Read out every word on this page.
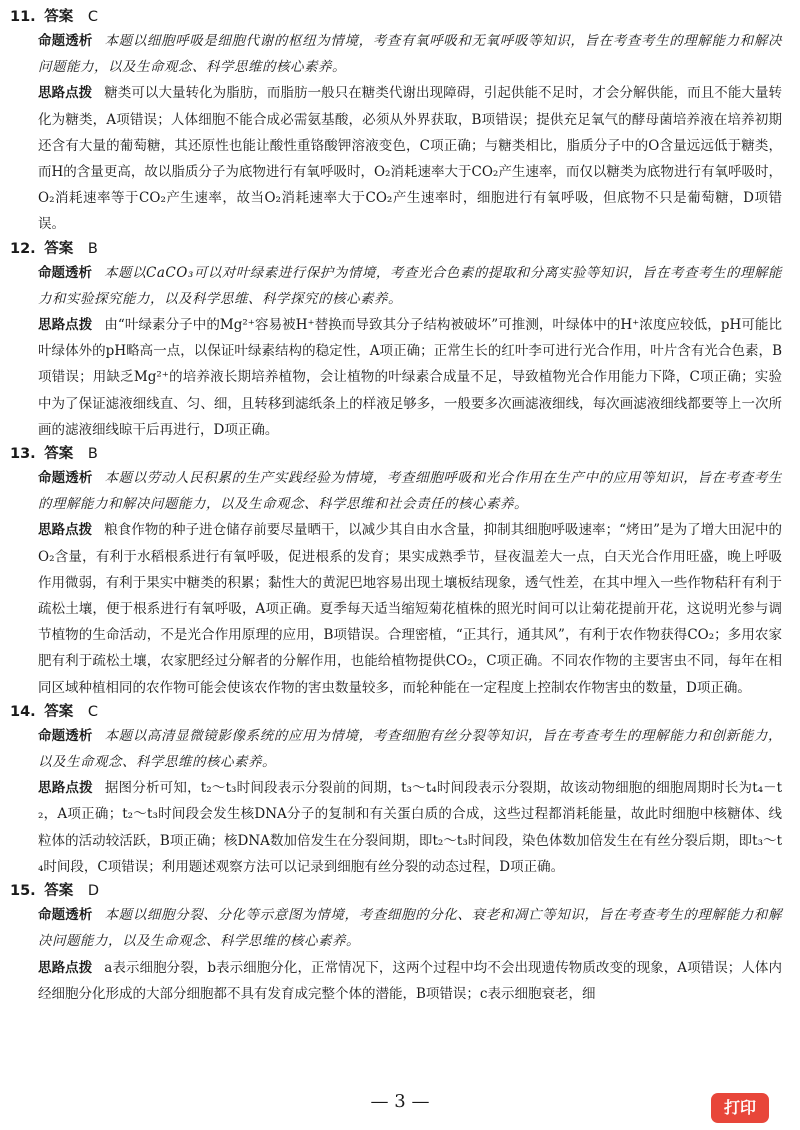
11. 答案 C

命题透析 本题以细胞呼吸是细胞代谢的枢纽为情境，考查有氧呼吸和无氧呼吸等知识，旨在考查考生的理解能力和解决问题能力，以及生命观念、科学思维的核心素养。

思路点拨 糖类可以大量转化为脂肪，而脂肪一般只在糖类代谢出现障碍，引起供能不足时，才会分解供能，而且不能大量转化为糖类，A项错误；人体细胞不能合成必需氨基酸，必须从外界获取，B项错误；提供充足氧气的酵母菌培养液在培养初期还含有大量的葡萄糖，其还原性也能让酸性重铬酸钾溶液变色，C项正确；与糖类相比，脂质分子中的O含量远远低于糖类，而H的含量更高，故以脂质分子为底物进行有氧呼吸时，O₂消耗速率大于CO₂产生速率，而仅以糖类为底物进行有氧呼吸时，O₂消耗速率等于CO₂产生速率，故当O₂消耗速率大于CO₂产生速率时，细胞进行有氧呼吸，但底物不只是葡萄糖，D项错误。

12. 答案 B

命题透析 本题以CaCO₃可以对叶绿素进行保护为情境，考查光合色素的提取和分离实验等知识，旨在考查考生的理解能力和实验探究能力，以及科学思维、科学探究的核心素养。

思路点拨 由“叶绿素分子中的Mg²⁺容易被H⁺替换而导致其分子结构被破坏”可推测，叶绿体中的H⁺浓度应较低，pH可能比叶绿体外的pH略高一点，以保证叶绿素结构的稳定性，A项正确；正常生长的红叶李可进行光合作用，叶片含有光合色素，B项错误；用缺乏Mg²⁺的培养液长期培养植物，会让植物的叶绿素合成量不足，导致植物光合作用能力下降，C项正确；实验中为了保证滤液细线直、匀、细，且转移到滤纸条上的样液足够多，一般要多次画滤液细线，每次画滤液细线都要等上一次所画的滤液细线晾干后再进行，D项正确。

13. 答案 B

命题透析 本题以劳动人民积累的生产实践经验为情境，考查细胞呼吸和光合作用在生产中的应用等知识，旨在考查考生的理解能力和解决问题能力，以及生命观念、科学思维和社会责任的核心素养。

思路点拨 粮食作物的种子进仓储存前要尽量晒干，以减少其自由水含量，抑制其细胞呼吸速率；“烤田”是为了增大田泥中的O₂含量，有利于水稻根系进行有氧呼吸，促进根系的发育；果实成熟季节，昼夜温差大一点，白天光合作用旺盛，晚上呼吸作用微弱，有利于果实中糖类的积累；黏性大的黄泥巴地容易出现土壤板结现象，透气性差，在其中埋入一些作物秸秆有利于疏松土壤，便于根系进行有氧呼吸，A项正确。夏季每天适当缩短菊花植株的照光时间可以让菊花提前开花，这说明光参与调节植物的生命活动，不是光合作用原理的应用，B项错误。合理密植，“正其行，通其风”，有利于农作物获得CO₂；多用农家肥有利于疏松土壤，农家肥经过分解者的分解作用，也能给植物提供CO₂，C项正确。不同农作物的主要害虫不同，每年在相同区域种植相同的农作物可能会使该农作物的害虫数量较多，而轮种能在一定程度上控制农作物害虫的数量，D项正确。

14. 答案 C

命题透析 本题以高清显微镜影像系统的应用为情境，考查细胞有丝分裂等知识，旨在考查考生的理解能力和创新能力，以及生命观念、科学思维的核心素养。

思路点拨 据图分析可知，t₂～t₃时间段表示分裂前的间期，t₃～t₄时间段表示分裂期，故该动物细胞的细胞周期时长为t₄－t₂，A项正确；t₂～t₃时间段会发生核DNA分子的复制和有关蛋白质的合成，这些过程都消耗能量，故此时细胞中核糖体、线粒体的活动较活跃，B项正确；核DNA数加倍发生在分裂间期，即t₂～t₃时间段，染色体数加倍发生在有丝分裂后期，即t₃～t₄时间段，C项错误；利用题述观察方法可以记录到细胞有丝分裂的动态过程，D项正确。

15. 答案 D

命题透析 本题以细胞分裂、分化等示意图为情境，考查细胞的分化、衰老和凋亡等知识，旨在考查考生的理解能力和解决问题能力，以及生命观念、科学思维的核心素养。

思路点拨 a表示细胞分裂，b表示细胞分化，正常情况下，这两个过程中均不会出现遗传物质改变的现象，A项错误；人体内经细胞分化形成的大部分细胞都不具有发育成完整个体的潜能，B项错误；c表示细胞衰老，细

— 3 —	打印
